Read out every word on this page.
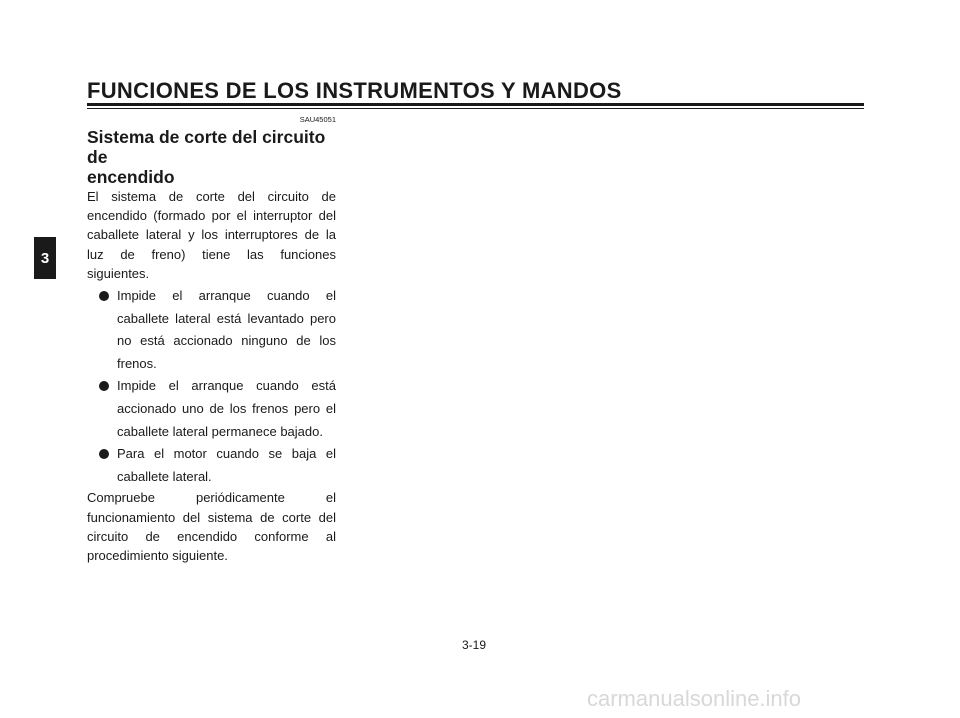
FUNCIONES DE LOS INSTRUMENTOS Y MANDOS
3
SAU45051
Sistema de corte del circuito de
encendido

El sistema de corte del circuito de encendido (formado por el interruptor del caballete lateral y los interruptores de la luz de freno) tiene las funciones siguientes.

Impide el arranque cuando el caballete lateral está levantado pero no está accionado ninguno de los frenos.
Impide el arranque cuando está accionado uno de los frenos pero el caballete lateral permanece bajado.
Para el motor cuando se baja el caballete lateral.

Compruebe periódicamente el funcionamiento del sistema de corte del circuito de encendido conforme al procedimiento siguiente.

3-19
carmanualsonline.info
